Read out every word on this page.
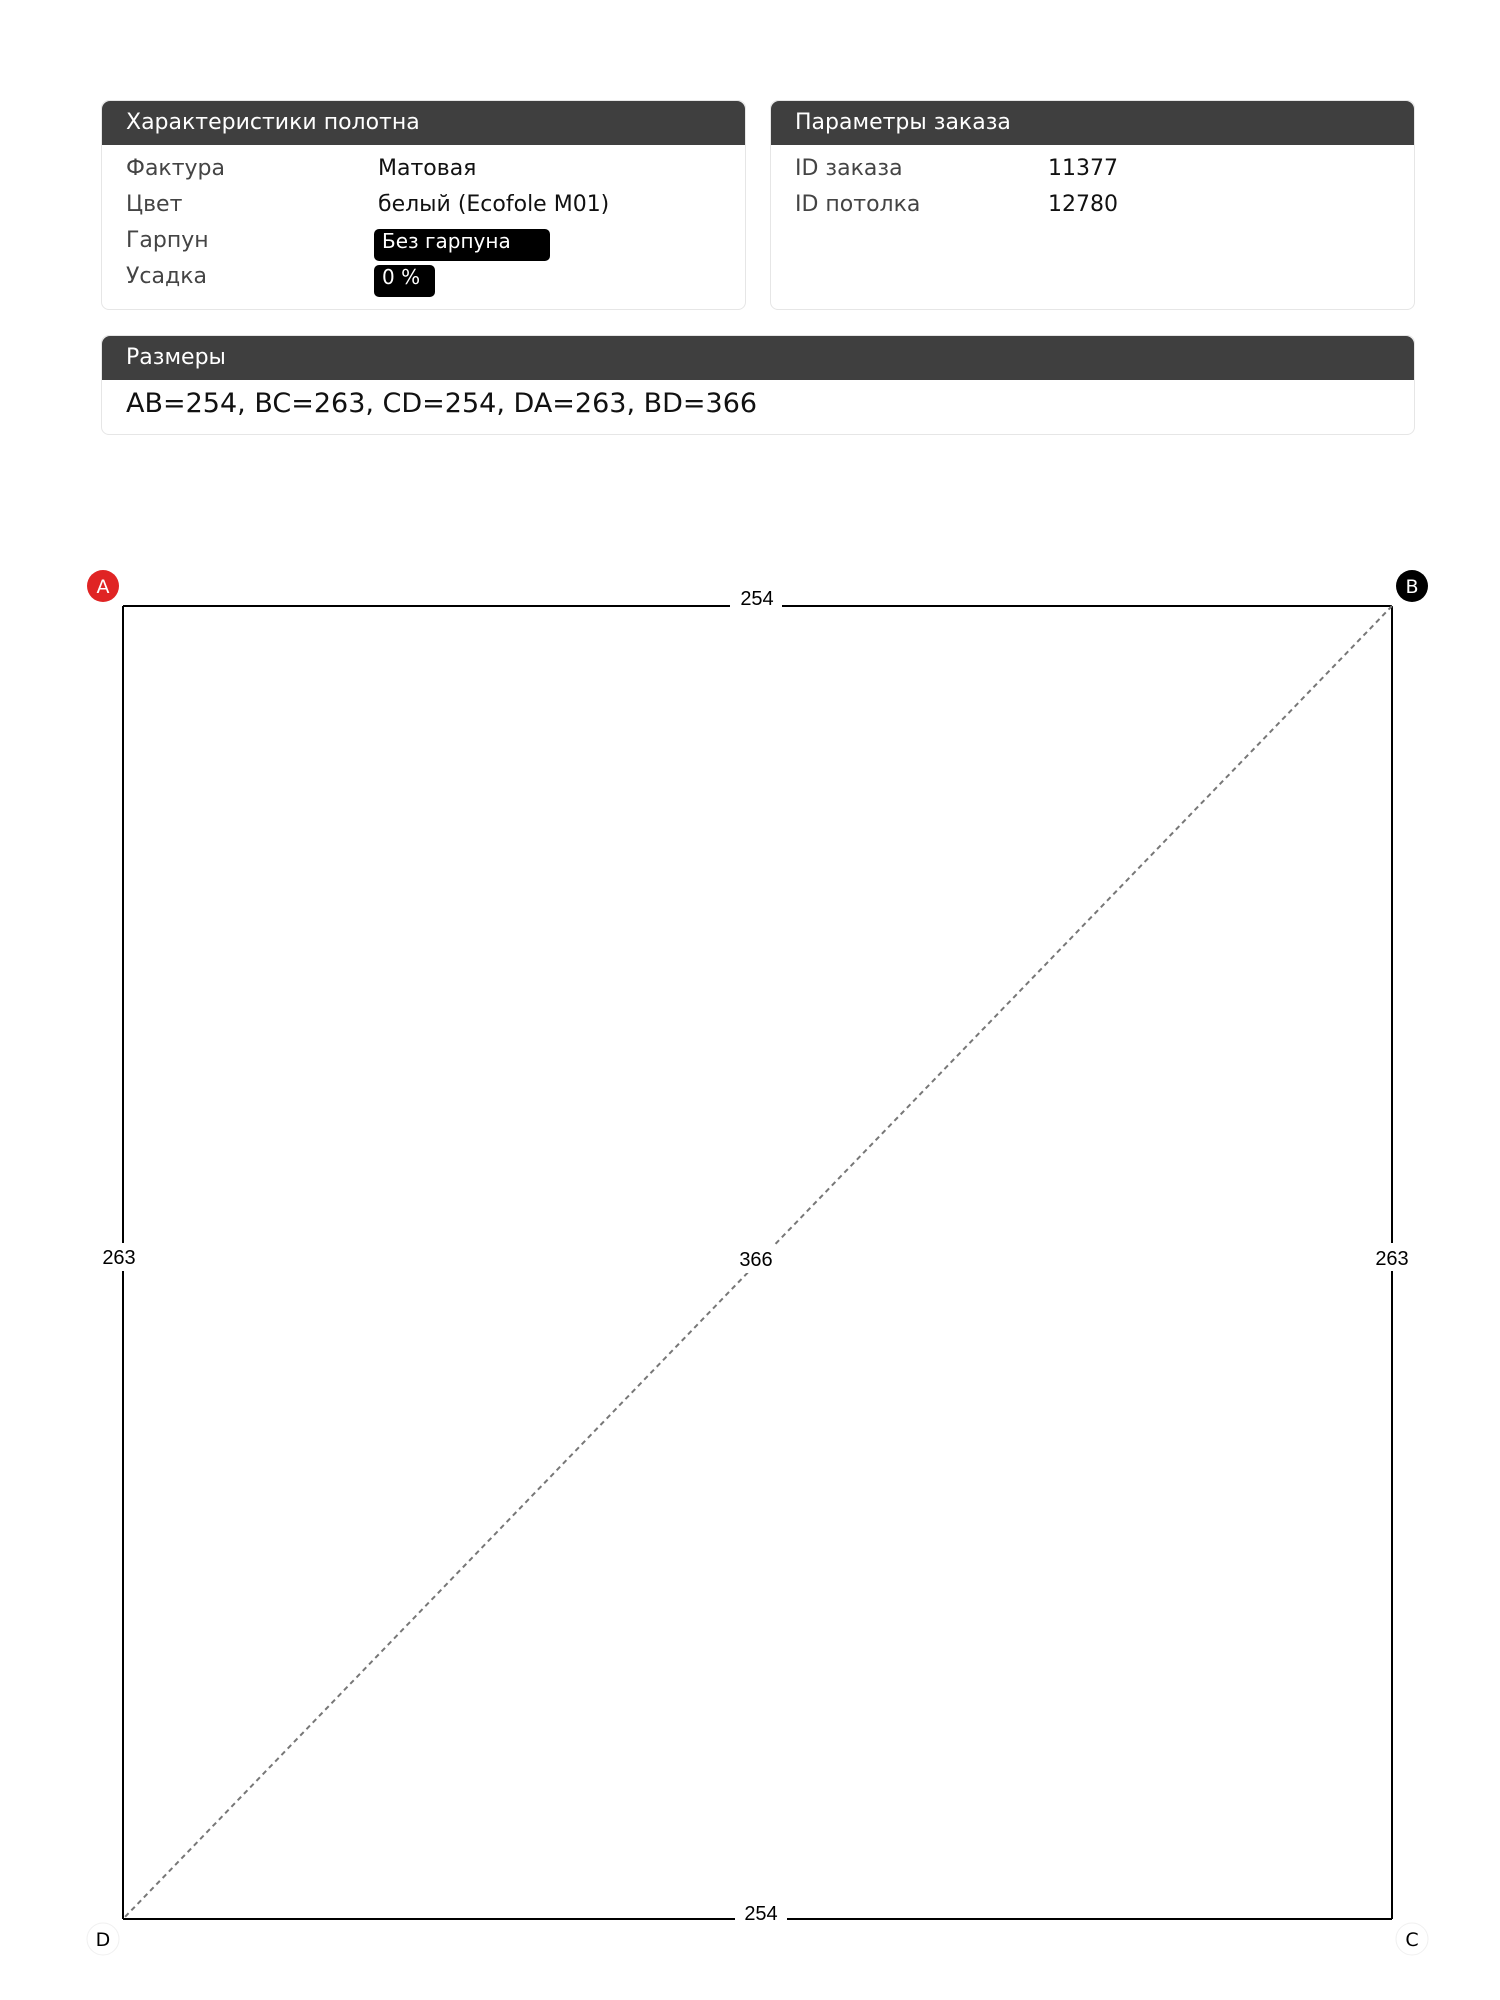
Характеристики полотна
Фактура	Матовая
Цвет	белый (Ecofole M01)
Гарпун	Без гарпуна
Усадка	0 %
Параметры заказа
ID заказа	11377
ID потолка	12780
Размеры
AB=254, BC=263, CD=254, DA=263, BD=366
254
254
263	263
366
A	B
C
D
